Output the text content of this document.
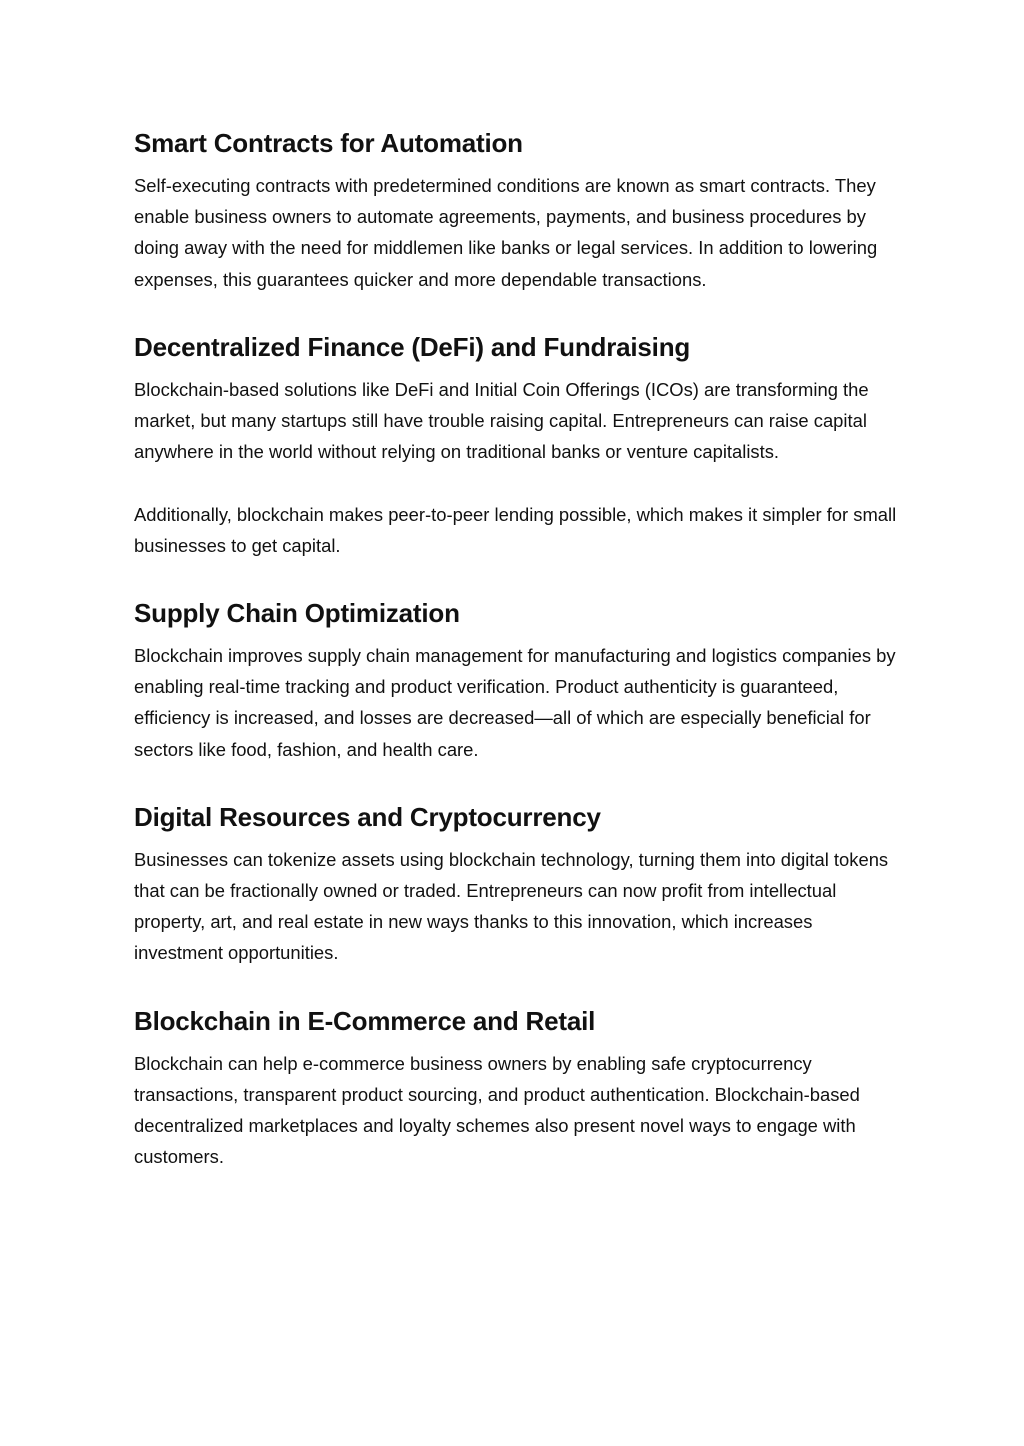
Smart Contracts for Automation

Self-executing contracts with predetermined conditions are known as smart contracts. They enable business owners to automate agreements, payments, and business procedures by doing away with the need for middlemen like banks or legal services. In addition to lowering expenses, this guarantees quicker and more dependable transactions.

Decentralized Finance (DeFi) and Fundraising

Blockchain-based solutions like DeFi and Initial Coin Offerings (ICOs) are transforming the market, but many startups still have trouble raising capital. Entrepreneurs can raise capital anywhere in the world without relying on traditional banks or venture capitalists.

Additionally, blockchain makes peer-to-peer lending possible, which makes it simpler for small businesses to get capital.

Supply Chain Optimization

Blockchain improves supply chain management for manufacturing and logistics companies by enabling real-time tracking and product verification. Product authenticity is guaranteed, efficiency is increased, and losses are decreased—all of which are especially beneficial for sectors like food, fashion, and health care.

Digital Resources and Cryptocurrency

Businesses can tokenize assets using blockchain technology, turning them into digital tokens that can be fractionally owned or traded. Entrepreneurs can now profit from intellectual property, art, and real estate in new ways thanks to this innovation, which increases investment opportunities.

Blockchain in E-Commerce and Retail

Blockchain can help e-commerce business owners by enabling safe cryptocurrency transactions, transparent product sourcing, and product authentication. Blockchain-based decentralized marketplaces and loyalty schemes also present novel ways to engage with customers.
